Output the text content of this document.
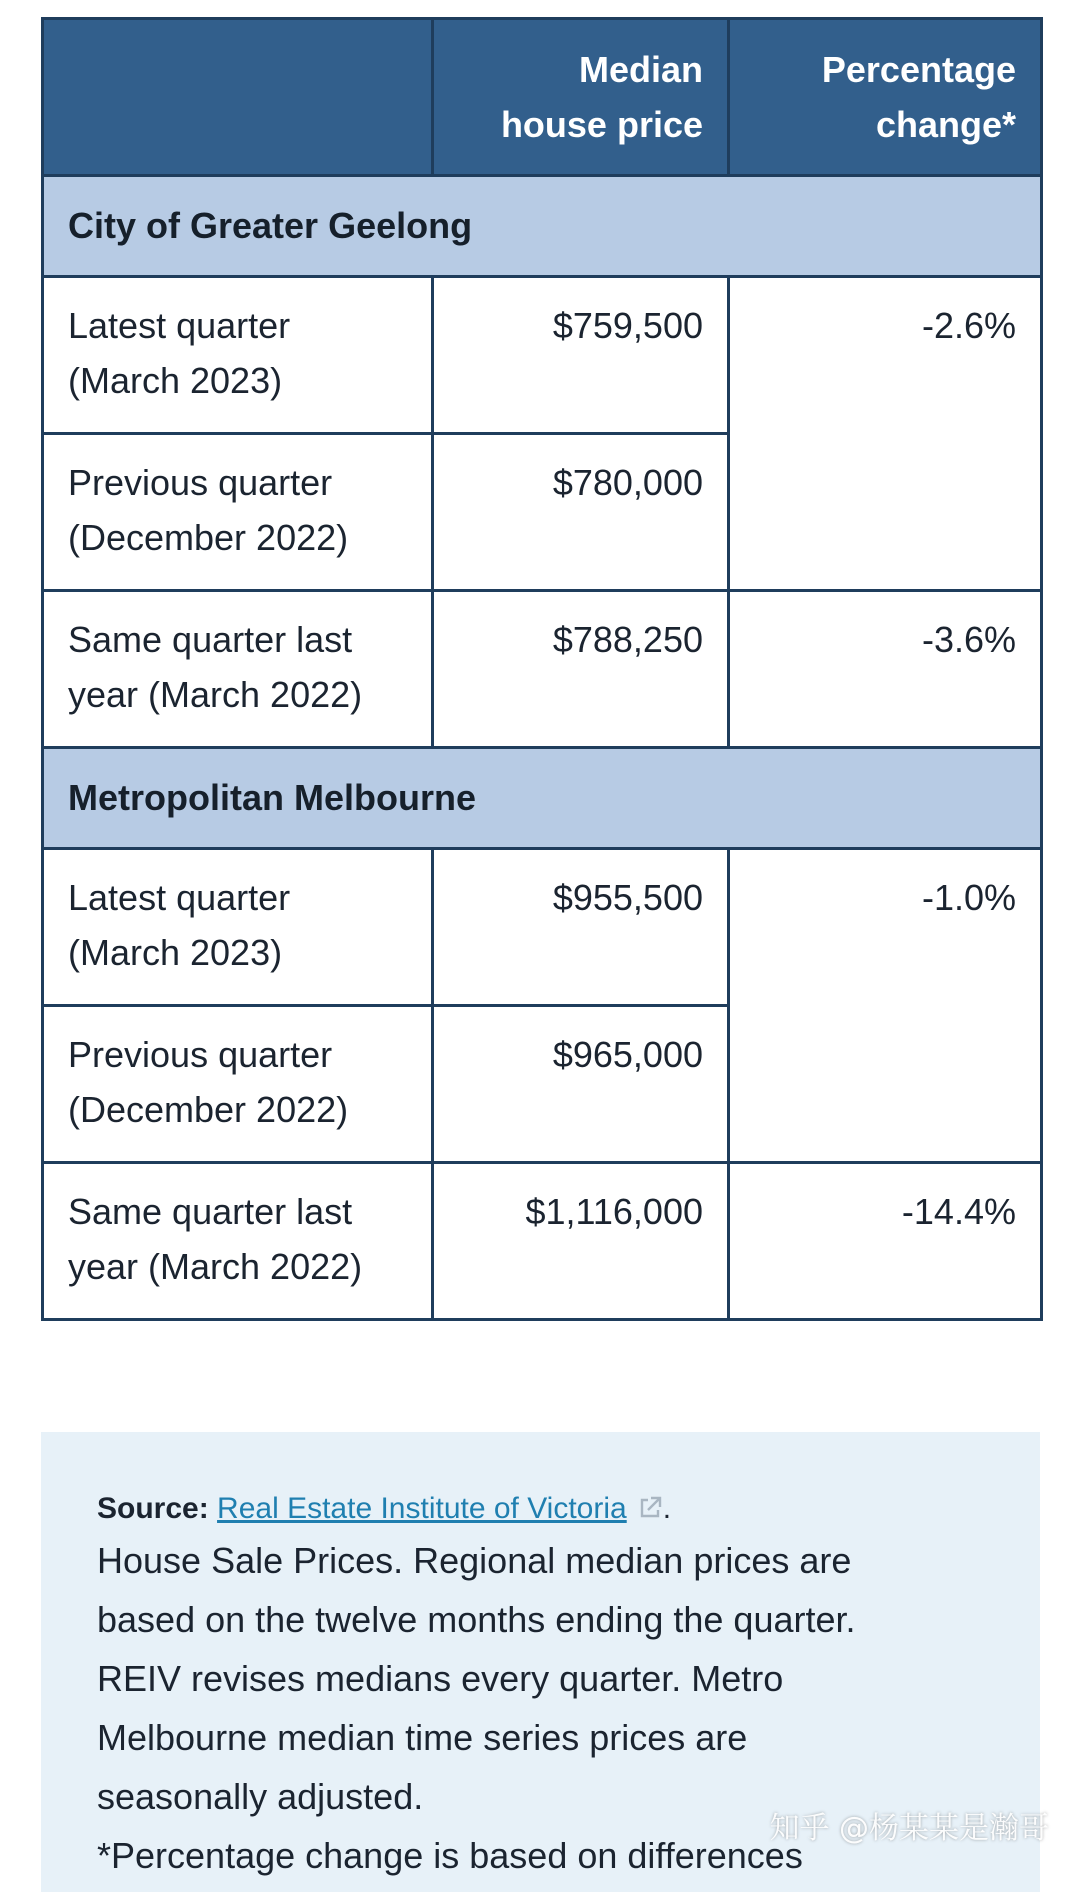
	Median
house price	Percentage
change*
City of Greater Geelong		
Latest quarter
(March 2023)	$759,500	-2.6%
Previous quarter
(December 2022)	$780,000	
Same quarter last
year (March 2022)	$788,250	-3.6%
Metropolitan Melbourne		
Latest quarter
(March 2023)	$955,500	-1.0%
Previous quarter
(December 2022)	$965,000	
Same quarter last
year (March 2022)	$1,116,000	-14.4%
Source: Real Estate Institute of Victoria .

House Sale Prices. Regional median prices are
based on the twelve months ending the quarter.
REIV revises medians every quarter. Metro
Melbourne median time series prices are
seasonally adjusted.
*Percentage change is based on differences

知乎 @杨某某是瀚哥
